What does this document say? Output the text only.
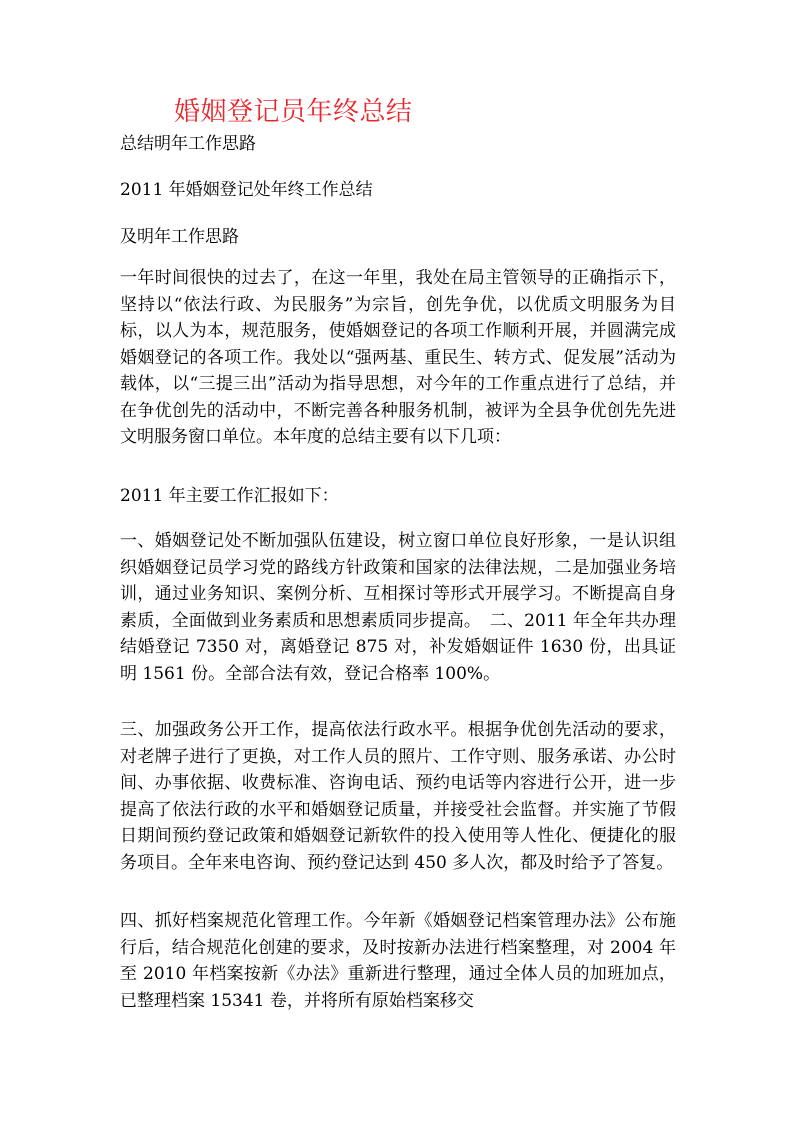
婚姻登记员年终总结

总结明年工作思路

2011 年婚姻登记处年终工作总结

及明年工作思路

一年时间很快的过去了，在这一年里，我处在局主管领导的正确指示下，坚持以“依法行政、为民服务”为宗旨，创先争优，以优质文明服务为目标，以人为本，规范服务，使婚姻登记的各项工作顺利开展，并圆满完成婚姻登记的各项工作。我处以“强两基、重民生、转方式、促发展”活动为载体，以“三提三出”活动为指导思想，对今年的工作重点进行了总结，并在争优创先的活动中，不断完善各种服务机制，被评为全县争优创先先进文明服务窗口单位。本年度的总结主要有以下几项：

2011 年主要工作汇报如下：

一、婚姻登记处不断加强队伍建设，树立窗口单位良好形象，一是认识组织婚姻登记员学习党的路线方针政策和国家的法律法规，二是加强业务培训，通过业务知识、案例分析、互相探讨等形式开展学习。不断提高自身素质，全面做到业务素质和思想素质同步提高。　二、2011 年全年共办理结婚登记 7350 对，离婚登记 875 对，补发婚姻证件 1630 份，出具证明 1561 份。全部合法有效，登记合格率 100%。

三、加强政务公开工作，提高依法行政水平。根据争优创先活动的要求，对老牌子进行了更换，对工作人员的照片、工作守则、服务承诺、办公时间、办事依据、收费标准、咨询电话、预约电话等内容进行公开，进一步提高了依法行政的水平和婚姻登记质量，并接受社会监督。并实施了节假日期间预约登记政策和婚姻登记新软件的投入使用等人性化、便捷化的服务项目。全年来电咨询、预约登记达到 450 多人次，都及时给予了答复。

四、抓好档案规范化管理工作。今年新《婚姻登记档案管理办法》公布施行后，结合规范化创建的要求，及时按新办法进行档案整理，对 2004 年至 2010 年档案按新《办法》重新进行整理，通过全体人员的加班加点，已整理档案 15341 卷，并将所有原始档案移交
